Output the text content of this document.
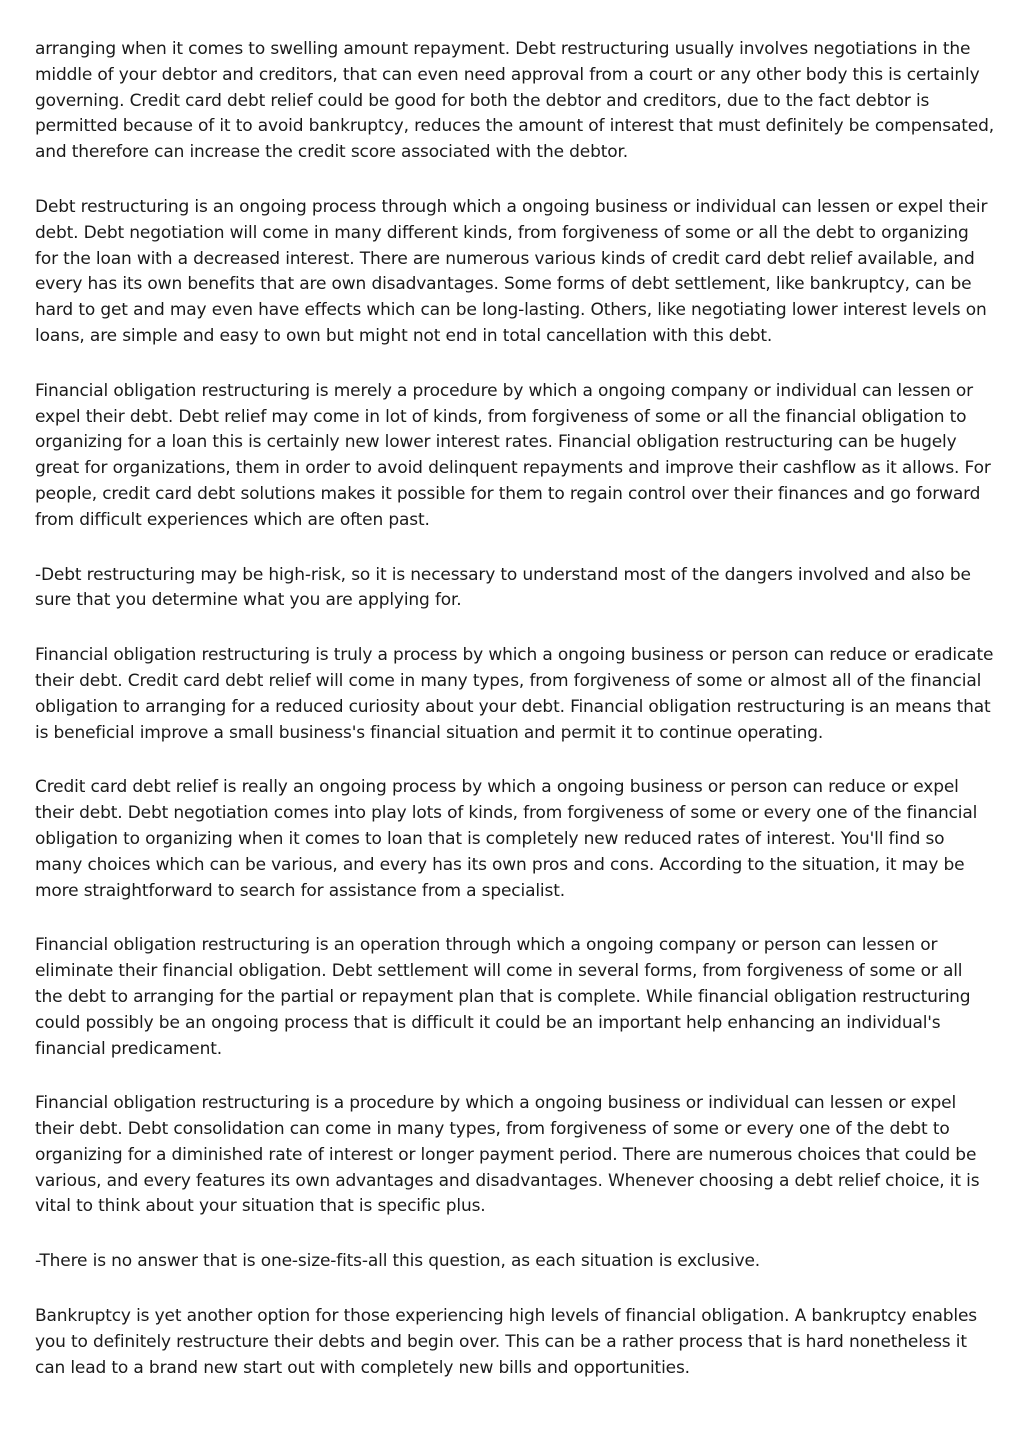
arranging when it comes to swelling amount repayment. Debt restructuring usually involves negotiations in the middle of your debtor and creditors, that can even need approval from a court or any other body this is certainly governing. Credit card debt relief could be good for both the debtor and creditors, due to the fact debtor is permitted because of it to avoid bankruptcy, reduces the amount of interest that must definitely be compensated, and therefore can increase the credit score associated with the debtor.

Debt restructuring is an ongoing process through which a ongoing business or individual can lessen or expel their debt. Debt negotiation will come in many different kinds, from forgiveness of some or all the debt to organizing for the loan with a decreased interest. There are numerous various kinds of credit card debt relief available, and every has its own benefits that are own disadvantages. Some forms of debt settlement, like bankruptcy, can be hard to get and may even have effects which can be long-lasting. Others, like negotiating lower interest levels on loans, are simple and easy to own but might not end in total cancellation with this debt.

Financial obligation restructuring is merely a procedure by which a ongoing company or individual can lessen or expel their debt. Debt relief may come in lot of kinds, from forgiveness of some or all the financial obligation to organizing for a loan this is certainly new lower interest rates. Financial obligation restructuring can be hugely great for organizations, them in order to avoid delinquent repayments and improve their cashflow as it allows. For people, credit card debt solutions makes it possible for them to regain control over their finances and go forward from difficult experiences which are often past.

-Debt restructuring may be high-risk, so it is necessary to understand most of the dangers involved and also be sure that you determine what you are applying for.

Financial obligation restructuring is truly a process by which a ongoing business or person can reduce or eradicate their debt. Credit card debt relief will come in many types, from forgiveness of some or almost all of the financial obligation to arranging for a reduced curiosity about your debt. Financial obligation restructuring is an means that is beneficial improve a small business's financial situation and permit it to continue operating.

Credit card debt relief is really an ongoing process by which a ongoing business or person can reduce or expel their debt. Debt negotiation comes into play lots of kinds, from forgiveness of some or every one of the financial obligation to organizing when it comes to loan that is completely new reduced rates of interest. You'll find so many choices which can be various, and every has its own pros and cons. According to the situation, it may be more straightforward to search for assistance from a specialist.

Financial obligation restructuring is an operation through which a ongoing company or person can lessen or eliminate their financial obligation. Debt settlement will come in several forms, from forgiveness of some or all the debt to arranging for the partial or repayment plan that is complete. While financial obligation restructuring could possibly be an ongoing process that is difficult it could be an important help enhancing an individual's financial predicament.

Financial obligation restructuring is a procedure by which a ongoing business or individual can lessen or expel their debt. Debt consolidation can come in many types, from forgiveness of some or every one of the debt to organizing for a diminished rate of interest or longer payment period. There are numerous choices that could be various, and every features its own advantages and disadvantages. Whenever choosing a debt relief choice, it is vital to think about your situation that is specific plus.

-There is no answer that is one-size-fits-all this question, as each situation is exclusive.

Bankruptcy is yet another option for those experiencing high levels of financial obligation. A bankruptcy enables you to definitely restructure their debts and begin over. This can be a rather process that is hard nonetheless it can lead to a brand new start out with completely new bills and opportunities.
